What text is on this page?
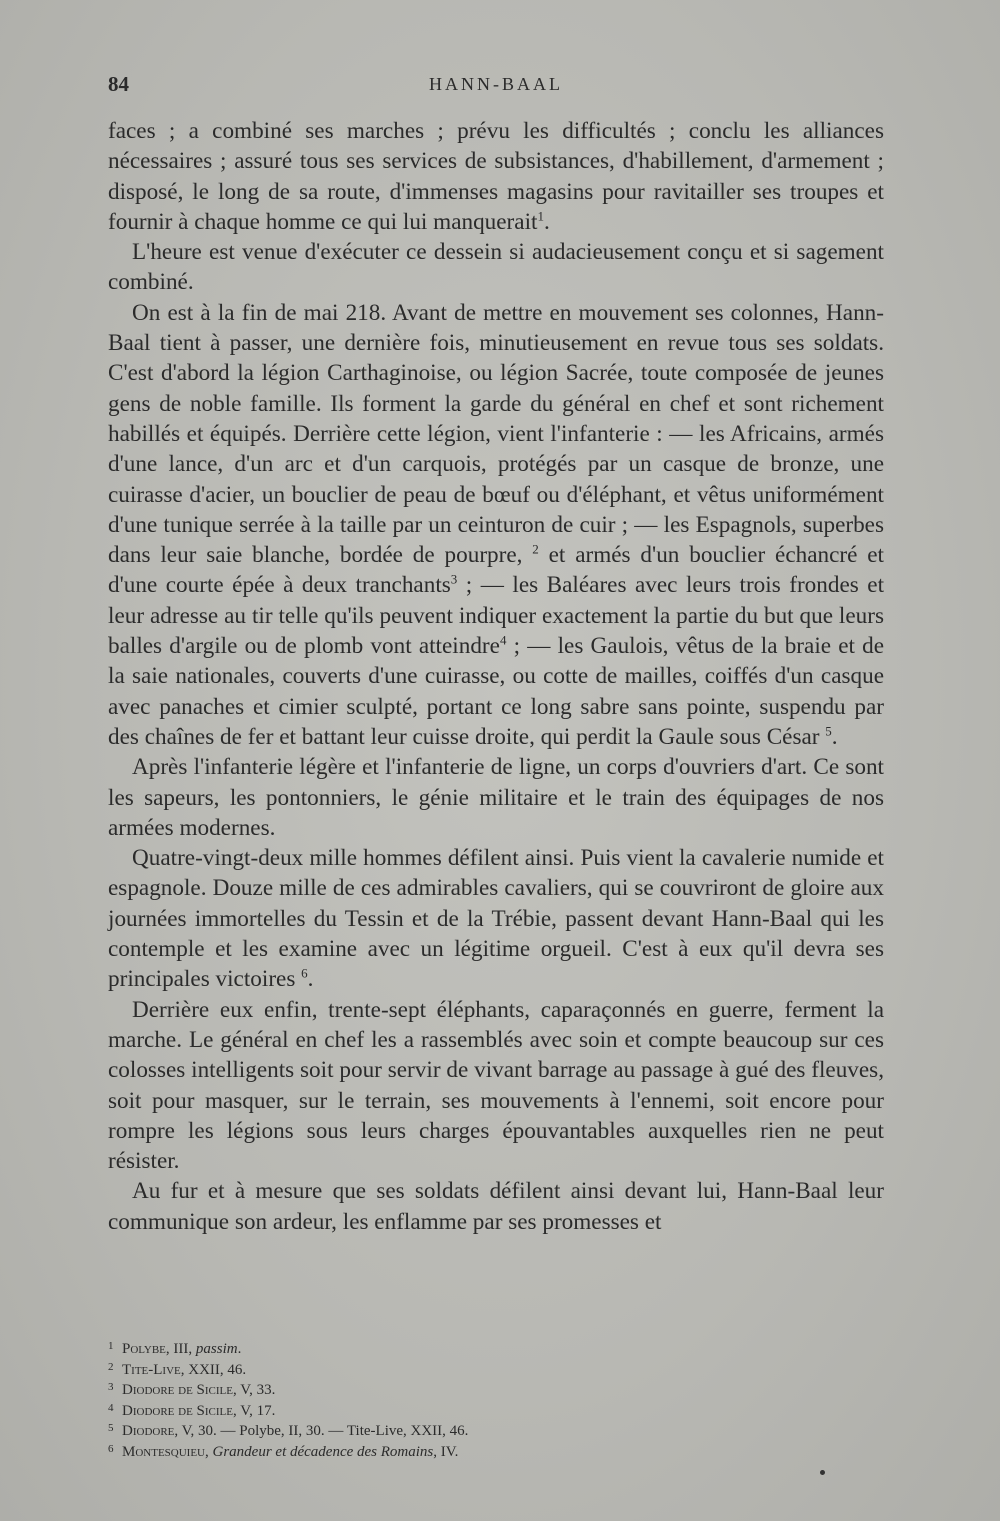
84	HANN-BAAL

faces ; a combiné ses marches ; prévu les difficultés ; conclu les alliances nécessaires ; assuré tous ses services de subsistances, d'habillement, d'armement ; disposé, le long de sa route, d'immenses magasins pour ravitailler ses troupes et fournir à chaque homme ce qui lui manquerait$^1$.

L'heure est venue d'exécuter ce dessein si audacieusement conçu et si sagement combiné.

On est à la fin de mai 218. Avant de mettre en mouvement ses colonnes, Hann-Baal tient à passer, une dernière fois, minutieusement en revue tous ses soldats. C'est d'abord la légion Carthaginoise, ou légion Sacrée, toute composée de jeunes gens de noble famille. Ils forment la garde du général en chef et sont richement habillés et équipés. Derrière cette légion, vient l'infanterie : — les Africains, armés d'une lance, d'un arc et d'un carquois, protégés par un casque de bronze, une cuirasse d'acier, un bouclier de peau de bœuf ou d'éléphant, et vêtus uniformément d'une tunique serrée à la taille par un ceinturon de cuir ; — les Espagnols, superbes dans leur saie blanche, bordée de pourpre, $^2$ et armés d'un bouclier échancré et d'une courte épée à deux tranchants$^3$ ; — les Baléares avec leurs trois frondes et leur adresse au tir telle qu'ils peuvent indiquer exactement la partie du but que leurs balles d'argile ou de plomb vont atteindre$^4$ ; — les Gaulois, vêtus de la braie et de la saie nationales, couverts d'une cuirasse, ou cotte de mailles, coiffés d'un casque avec panaches et cimier sculpté, portant ce long sabre sans pointe, suspendu par des chaînes de fer et battant leur cuisse droite, qui perdit la Gaule sous César $^5$.

Après l'infanterie légère et l'infanterie de ligne, un corps d'ouvriers d'art. Ce sont les sapeurs, les pontonniers, le génie militaire et le train des équipages de nos armées modernes.

Quatre-vingt-deux mille hommes défilent ainsi. Puis vient la cavalerie numide et espagnole. Douze mille de ces admirables cavaliers, qui se couvriront de gloire aux journées immortelles du Tessin et de la Trébie, passent devant Hann-Baal qui les contemple et les examine avec un légitime orgueil. C'est à eux qu'il devra ses principales victoires $^6$.

Derrière eux enfin, trente-sept éléphants, caparaçonnés en guerre, ferment la marche. Le général en chef les a rassemblés avec soin et compte beaucoup sur ces colosses intelligents soit pour servir de vivant barrage au passage à gué des fleuves, soit pour masquer, sur le terrain, ses mouvements à l'ennemi, soit encore pour rompre les légions sous leurs charges épouvantables auxquelles rien ne peut résister.

Au fur et à mesure que ses soldats défilent ainsi devant lui, Hann-Baal leur communique son ardeur, les enflamme par ses promesses et

1 Polybe, III, passim.

2 Tite-Live, XXII, 46.

3 Diodore de Sicile, V, 33.

4 Diodore de Sicile, V, 17.

5 Diodore, V, 30. — Polybe, II, 30. — Tite-Live, XXII, 46.

6 Montesquieu, Grandeur et décadence des Romains, IV.
